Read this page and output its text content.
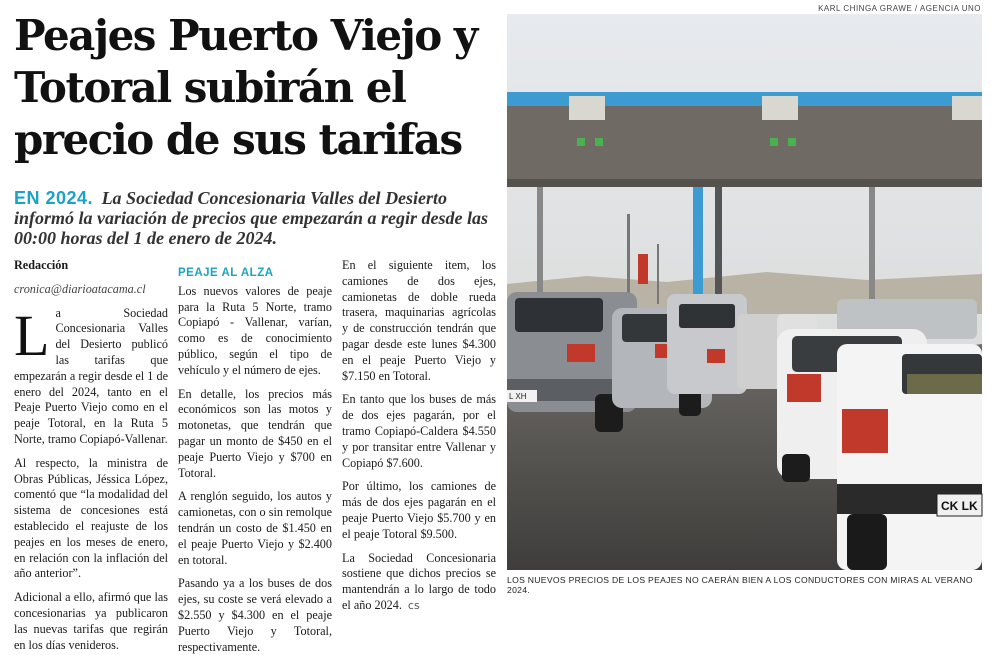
KARL CHINGA GRAWE / AGENCIA UNO
Peajes Puerto Viejo y Totoral subirán el precio de sus tarifas
EN 2024. La Sociedad Concesionaria Valles del Desierto informó la variación de precios que empezarán a regir desde las 00:00 horas del 1 de enero de 2024.

Redacción

cronica@diarioatacama.cl

La Sociedad Concesionaria Valles del Desierto publicó las tarifas que empezarán a regir desde el 1 de enero del 2024, tanto en el Peaje Puerto Viejo como en el peaje Totoral, en la Ruta 5 Norte, tramo Copiapó-Vallenar.

Al respecto, la ministra de Obras Públicas, Jéssica López, comentó que “la modalidad del sistema de concesiones está establecido el reajuste de los peajes en los meses de enero, en relación con la inflación del año anterior”.

Adicional a ello, afirmó que las concesionarias ya publicaron las nuevas tarifas que regirán en los días venideros.

PEAJE AL ALZA

Los nuevos valores de peaje para la Ruta 5 Norte, tramo Copiapó - Vallenar, varían, como es de conocimiento público, según el tipo de vehículo y el número de ejes.

En detalle, los precios más económicos son las motos y motonetas, que tendrán que pagar un monto de $450 en el peaje Puerto Viejo y $700 en Totoral.

A renglón seguido, los autos y camionetas, con o sin remolque tendrán un costo de $1.450 en el peaje Puerto Viejo y $2.400 en totoral.

Pasando ya a los buses de dos ejes, su coste se verá elevado a $2.550 y $4.300 en el peaje Puerto Viejo y Totoral, respectivamente.

En el siguiente item, los camiones de dos ejes, camionetas de doble rueda trasera, maquinarias agrícolas y de construcción tendrán que pagar desde este lunes $4.300 en el peaje Puerto Viejo y $7.150 en Totoral.

En tanto que los buses de más de dos ejes pagarán, por el tramo Copiapó-Caldera $4.550 y por transitar entre Vallenar y Copiapó $7.600.

Por último, los camiones de más de dos ejes pagarán en el peaje Puerto Viejo $5.700 y en el peaje Totoral $9.500.

La Sociedad Concesionaria sostiene que dichos precios se mantendrán a lo largo de todo el año 2024. cs

L XH
CK LK
LOS NUEVOS PRECIOS DE LOS PEAJES NO CAERÁN BIEN A LOS CONDUCTORES CON MIRAS AL VERANO 2024.
